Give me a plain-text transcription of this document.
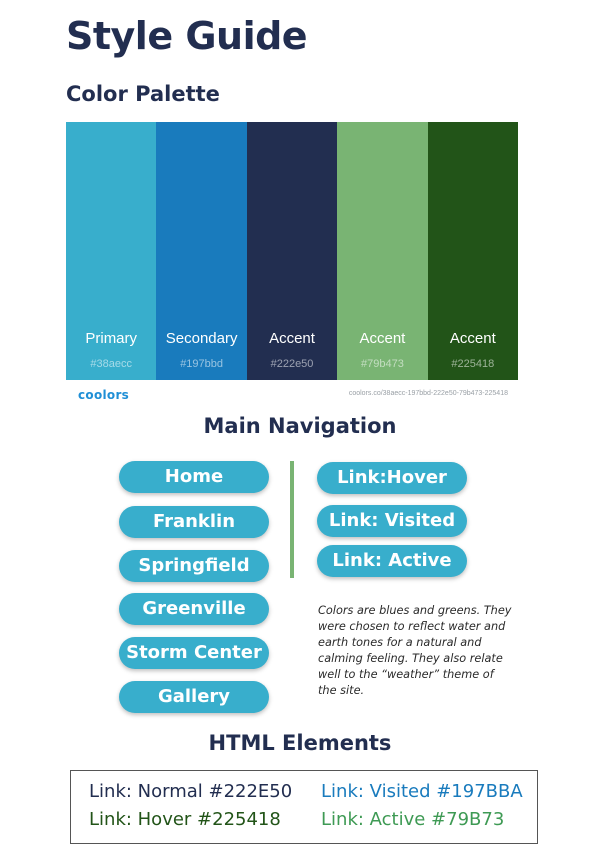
Style Guide
Color Palette
Primary
#38aecc
Secondary
#197bbd
Accent
#222e50
Accent
#79b473
Accent
#225418
coolors	coolors.co/38aecc-197bbd-222e50-79b473-225418
Main Navigation
Home
Franklin
Springfield
Greenville
Storm Center
Gallery
Link:Hover
Link: Visited
Link: Active
Colors are blues and greens. They were chosen to reflect water and earth tones for a natural and calming feeling. They also relate well to the “weather” theme of the site.
HTML Elements
Link: Normal #222E50 Link: Visited #197BBA
Link: Hover #225418 Link: Active #79B73
